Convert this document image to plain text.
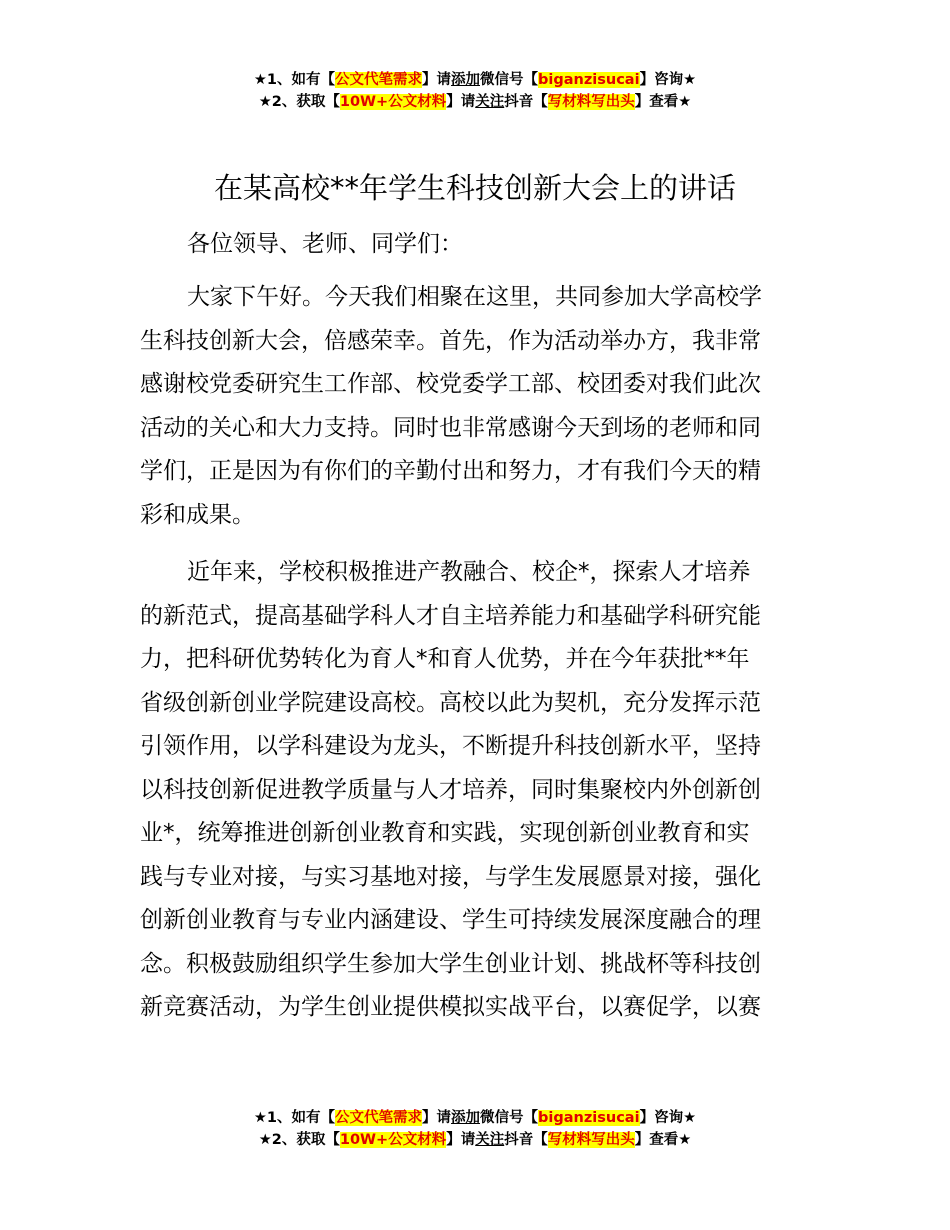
★1、如有【公文代笔需求】请添加微信号【biganzisucai】咨询★
★2、获取【10W+公文材料】请关注抖音【写材料写出头】查看★
在某高校**年学生科技创新大会上的讲话
各位领导、老师、同学们：
大家下午好。今天我们相聚在这里，共同参加大学高校学
生科技创新大会，倍感荣幸。首先，作为活动举办方，我非常
感谢校党委研究生工作部、校党委学工部、校团委对我们此次
活动的关心和大力支持。同时也非常感谢今天到场的老师和同
学们，正是因为有你们的辛勤付出和努力，才有我们今天的精
彩和成果。
近年来，学校积极推进产教融合、校企*，探索人才培养
的新范式，提高基础学科人才自主培养能力和基础学科研究能
力，把科研优势转化为育人*和育人优势，并在今年获批**年
省级创新创业学院建设高校。高校以此为契机，充分发挥示范
引领作用，以学科建设为龙头，不断提升科技创新水平，坚持
以科技创新促进教学质量与人才培养，同时集聚校内外创新创
业*，统筹推进创新创业教育和实践，实现创新创业教育和实
践与专业对接，与实习基地对接，与学生发展愿景对接，强化
创新创业教育与专业内涵建设、学生可持续发展深度融合的理
念。积极鼓励组织学生参加大学生创业计划、挑战杯等科技创
新竞赛活动，为学生创业提供模拟实战平台，以赛促学，以赛
★1、如有【公文代笔需求】请添加微信号【biganzisucai】咨询★
★2、获取【10W+公文材料】请关注抖音【写材料写出头】查看★
